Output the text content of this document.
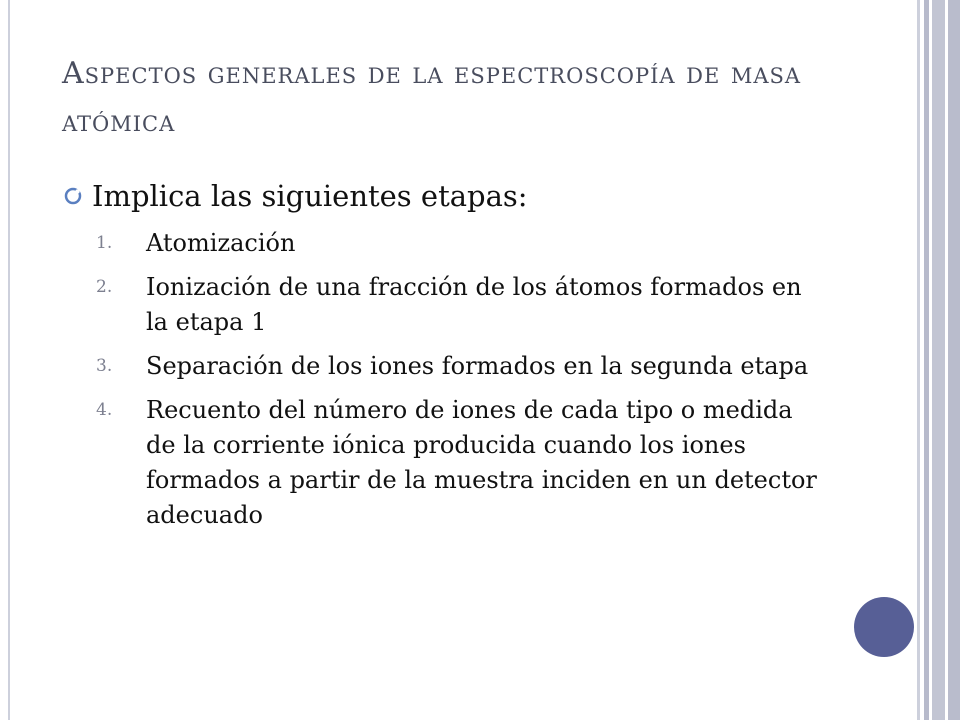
Aspectos generales de la espectroscopía de masa atómica
Implica las siguientes etapas:
1.	Atomización
2.	Ionización de una fracción de los átomos formados en la etapa 1
3.	Separación de los iones formados en la segunda etapa
4.	Recuento del número de iones de cada tipo o medida de la corriente iónica producida cuando los iones formados a partir de la muestra inciden en un detector adecuado
